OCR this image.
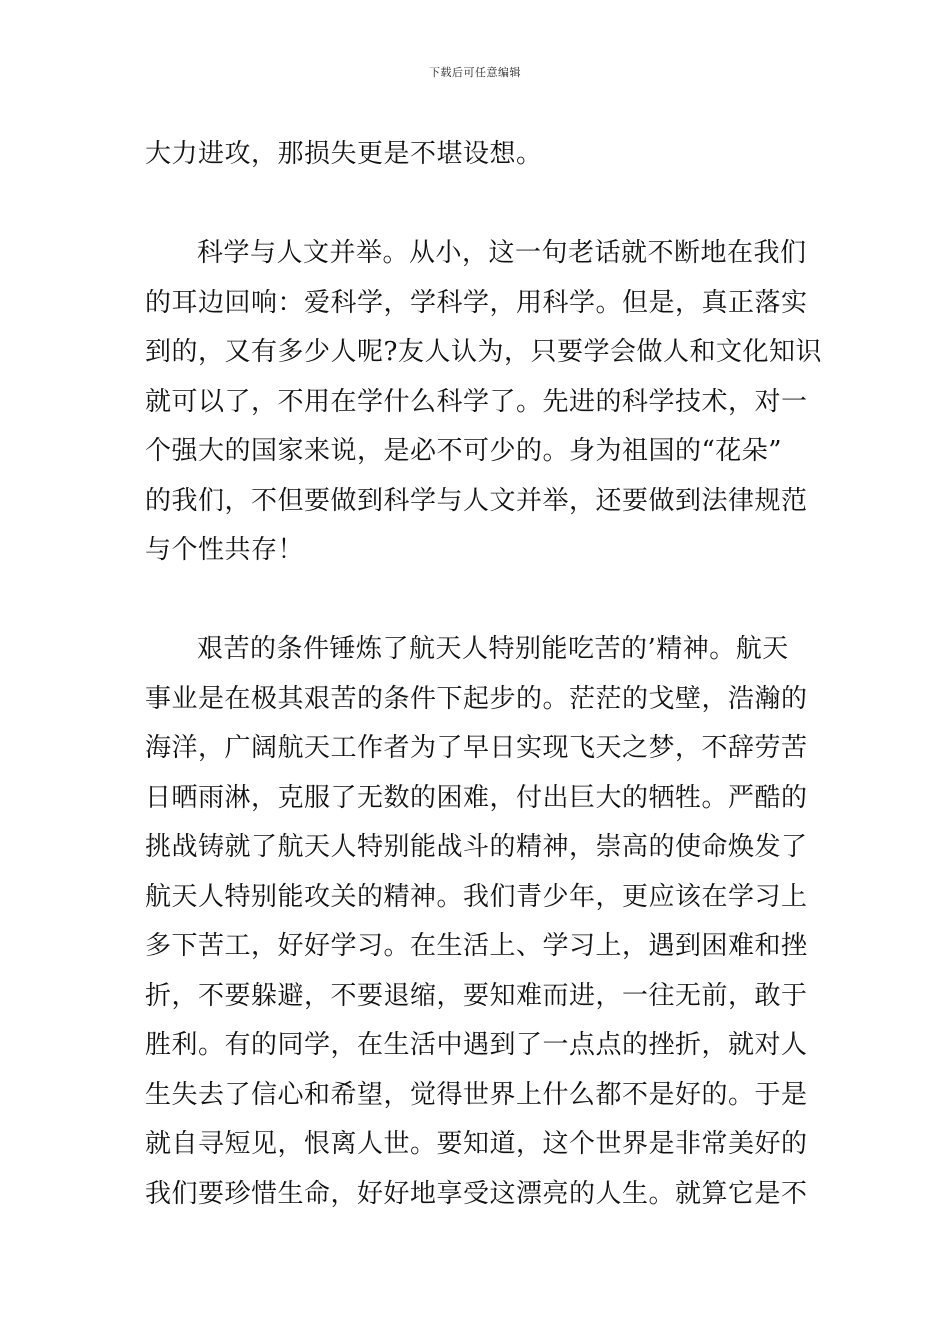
下载后可任意编辑
大力进攻，那损失更是不堪设想。
科学与人文并举。从小，这一句老话就不断地在我们
的耳边回响：爱科学，学科学，用科学。但是，真正落实
到的，又有多少人呢?友人认为，只要学会做人和文化知识
就可以了，不用在学什么科学了。先进的科学技术，对一
个强大的国家来说，是必不可少的。身为祖国的“花朵”
的我们，不但要做到科学与人文并举，还要做到法律规范
与个性共存！
艰苦的条件锤炼了航天人特别能吃苦的’精神。航天
事业是在极其艰苦的条件下起步的。茫茫的戈壁，浩瀚的
海洋，广阔航天工作者为了早日实现飞天之梦，不辞劳苦
日晒雨淋，克服了无数的困难，付出巨大的牺牲。严酷的
挑战铸就了航天人特别能战斗的精神，崇高的使命焕发了
航天人特别能攻关的精神。我们青少年，更应该在学习上
多下苦工，好好学习。在生活上、学习上，遇到困难和挫
折，不要躲避，不要退缩，要知难而进，一往无前，敢于
胜利。有的同学，在生活中遇到了一点点的挫折，就对人
生失去了信心和希望，觉得世界上什么都不是好的。于是
就自寻短见，恨离人世。要知道，这个世界是非常美好的
我们要珍惜生命，好好地享受这漂亮的人生。就算它是不
